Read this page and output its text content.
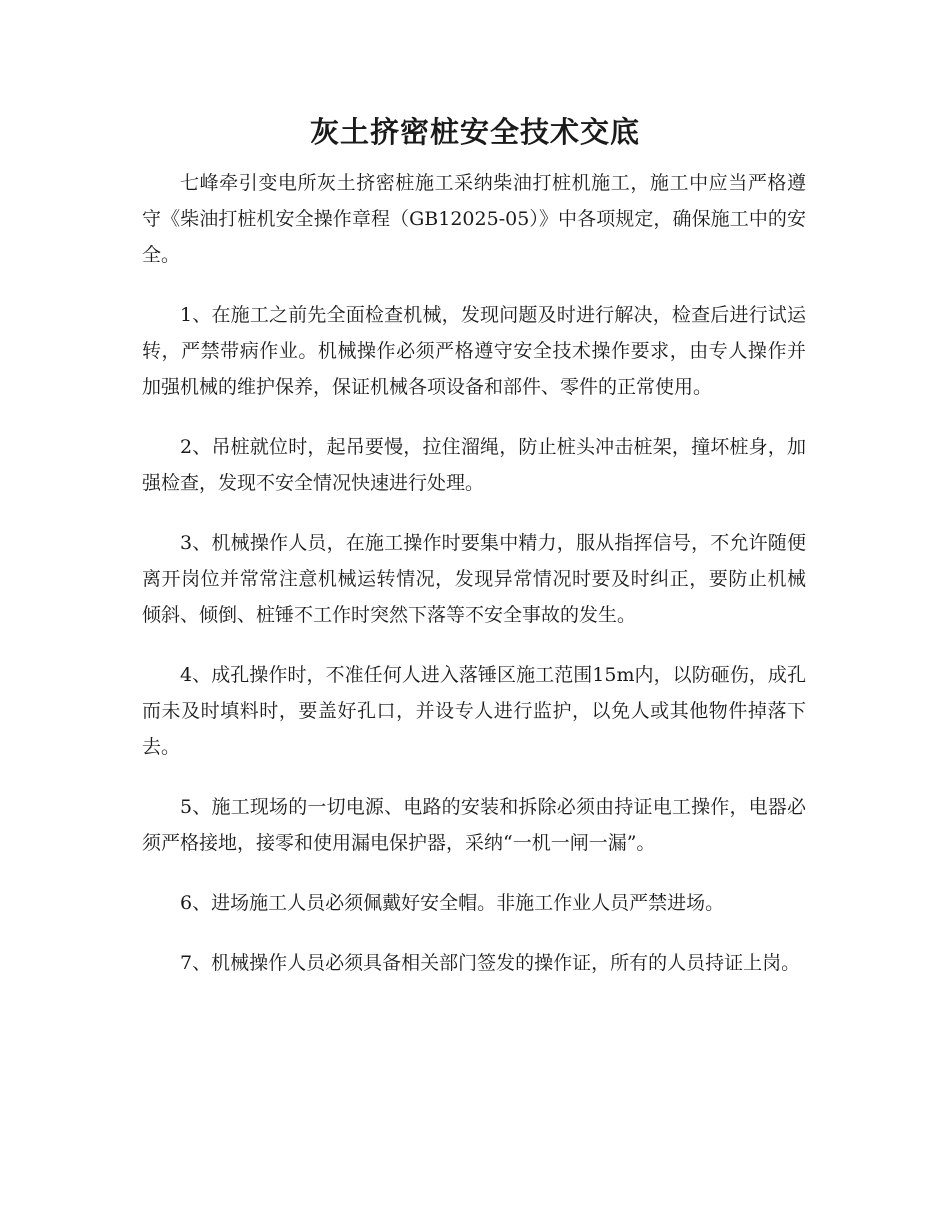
灰土挤密桩安全技术交底

七峰牵引变电所灰土挤密桩施工采纳柴油打桩机施工，施工中应当严格遵守《柴油打桩机安全操作章程（GB12025-05）》中各项规定，确保施工中的安全。

1、在施工之前先全面检查机械，发现问题及时进行解决，检查后进行试运转，严禁带病作业。机械操作必须严格遵守安全技术操作要求，由专人操作并加强机械的维护保养，保证机械各项设备和部件、零件的正常使用。

2、吊桩就位时，起吊要慢，拉住溜绳，防止桩头冲击桩架，撞坏桩身，加强检查，发现不安全情况快速进行处理。

3、机械操作人员，在施工操作时要集中精力，服从指挥信号，不允许随便离开岗位并常常注意机械运转情况，发现异常情况时要及时纠正，要防止机械倾斜、倾倒、桩锤不工作时突然下落等不安全事故的发生。

4、成孔操作时，不准任何人进入落锤区施工范围15m内，以防砸伤，成孔而未及时填料时，要盖好孔口，并设专人进行监护，以免人或其他物件掉落下去。

5、施工现场的一切电源、电路的安装和拆除必须由持证电工操作，电器必须严格接地，接零和使用漏电保护器，采纳“一机一闸一漏”。

6、进场施工人员必须佩戴好安全帽。非施工作业人员严禁进场。

7、机械操作人员必须具备相关部门签发的操作证，所有的人员持证上岗。
